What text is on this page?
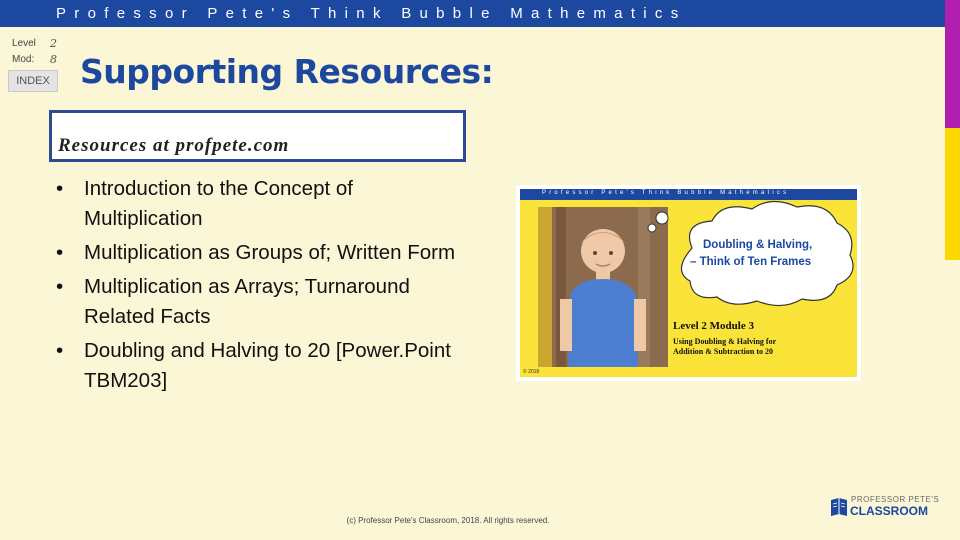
Professor Pete's Think Bubble Mathematics
Level 2
Mod: 8
INDEX Supporting Resources:
Resources at profpete.com
• Introduction to the Concept of Multiplication
• Multiplication as Groups of; Written Form
• Multiplication as Arrays; Turnaround Related Facts
• Doubling and Halving to 20 [Power.Point TBM203]
Professor Pete's Think Bubble Mathematics
Doubling & Halving,
– Think of Ten Frames
Level 2 Module 3
Using Doubling & Halving for
Addition & Subtraction to 20
© 2018
(c) Professor Pete's Classroom, 2018. All rights reserved.
PROFESSOR PETE'S
CLASSROOM
